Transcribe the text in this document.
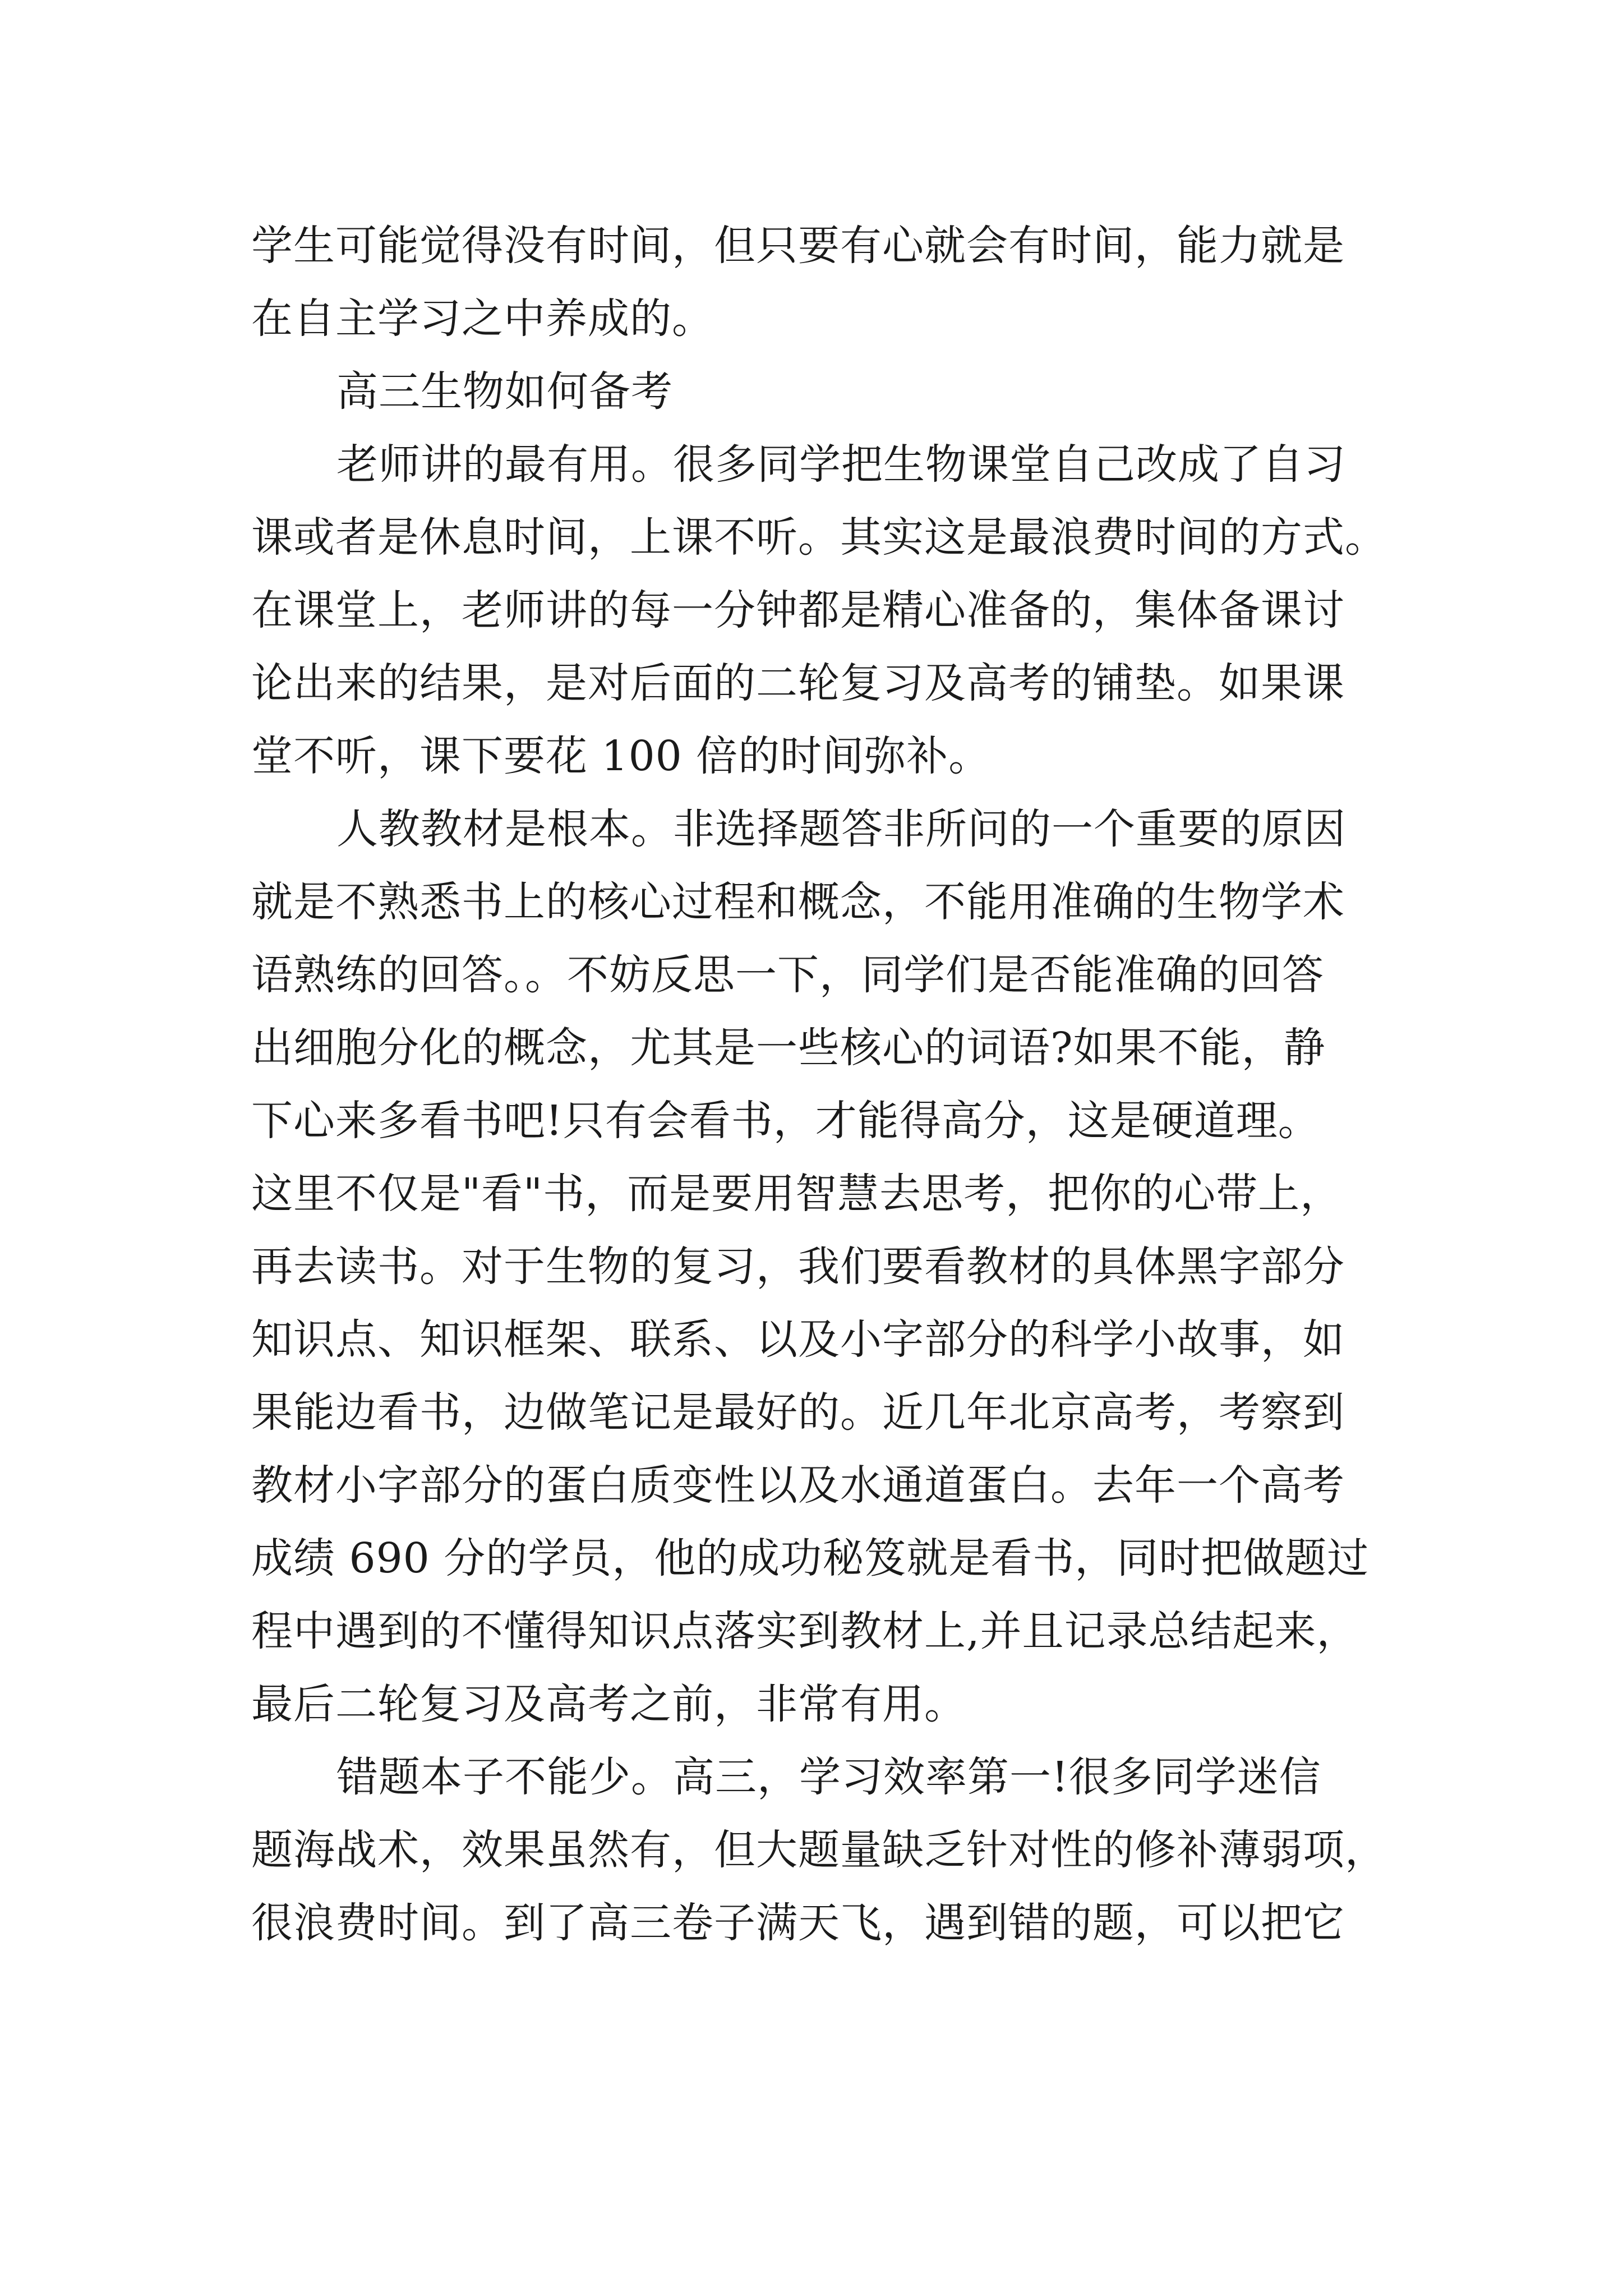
学生可能觉得没有时间，但只要有心就会有时间，能力就是
在自主学习之中养成的。
高三生物如何备考
老师讲的最有用。很多同学把生物课堂自己改成了自习
课或者是休息时间，上课不听。其实这是最浪费时间的方式。
在课堂上，老师讲的每一分钟都是精心准备的，集体备课讨
论出来的结果，是对后面的二轮复习及高考的铺垫。如果课
堂不听，课下要花 100 倍的时间弥补。
人教教材是根本。非选择题答非所问的一个重要的原因
就是不熟悉书上的核心过程和概念，不能用准确的生物学术
语熟练的回答。。不妨反思一下，同学们是否能准确的回答
出细胞分化的概念，尤其是一些核心的词语?如果不能，静
下心来多看书吧!只有会看书，才能得高分，这是硬道理。
这里不仅是"看"书，而是要用智慧去思考，把你的心带上，
再去读书。对于生物的复习，我们要看教材的具体黑字部分
知识点、知识框架、联系、以及小字部分的科学小故事，如
果能边看书，边做笔记是最好的。近几年北京高考，考察到
教材小字部分的蛋白质变性以及水通道蛋白。去年一个高考
成绩 690 分的学员，他的成功秘笈就是看书，同时把做题过
程中遇到的不懂得知识点落实到教材上,并且记录总结起来，
最后二轮复习及高考之前，非常有用。
错题本子不能少。高三，学习效率第一!很多同学迷信
题海战术，效果虽然有，但大题量缺乏针对性的修补薄弱项，
很浪费时间。到了高三卷子满天飞，遇到错的题，可以把它
